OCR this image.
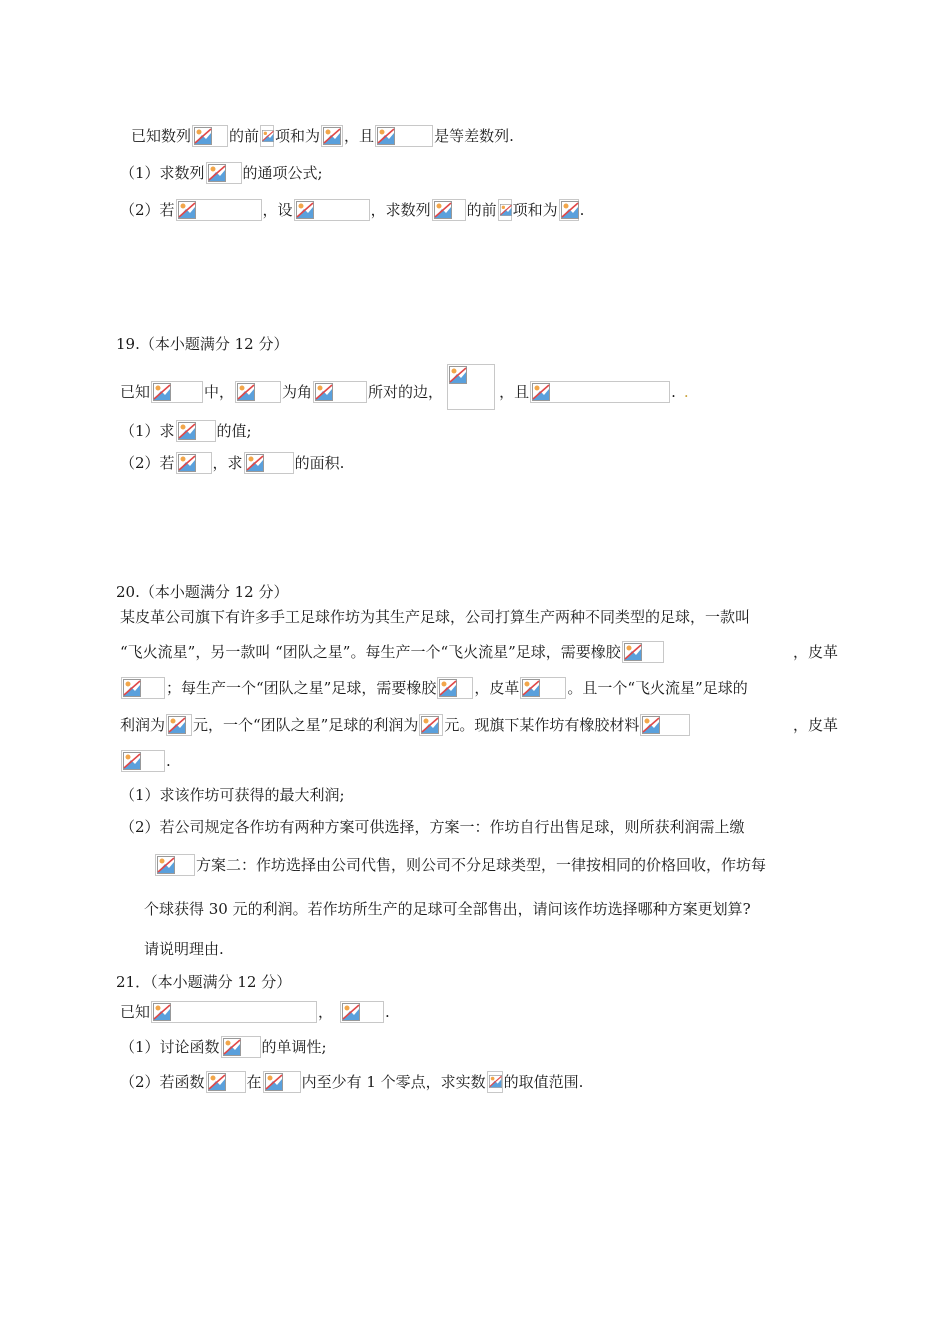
已知数列	的前 项和为 ，且	是等差数列.
（1）求数列	的通项公式;
（2）若	，设	，求数列 的前 项和为 .
19.（本小题满分 12 分）
已知	中，	为角	所对的边，	，且	. .
（1）求	的值;
（2）若	，求	的面积.
20.（本小题满分 12 分）
某皮革公司旗下有许多手工足球作坊为其生产足球，公司打算生产两种不同类型的足球，一款叫
“飞火流星”，另一款叫 “团队之星”。每生产一个“飞火流星”足球，需要橡胶	，皮革
；每生产一个“团队之星”足球，需要橡胶	，皮革	。且一个“飞火流星”足球的
利润为 元，一个“团队之星”足球的利润为 元。现旗下某作坊有橡胶材料	，皮革
.
（1）求该作坊可获得的最大利润;
（2）若公司规定各作坊有两种方案可供选择，方案一：作坊自行出售足球，则所获利润需上缴
方案二：作坊选择由公司代售，则公司不分足球类型，一律按相同的价格回收，作坊每
个球获得 30 元的利润。若作坊所生产的足球可全部售出，请问该作坊选择哪种方案更划算?
请说明理由.
21．（本小题满分 12 分）
已知	，	.
（1）讨论函数	的单调性;
（2）若函数	在	内至少有 1 个零点，求实数 的取值范围.
